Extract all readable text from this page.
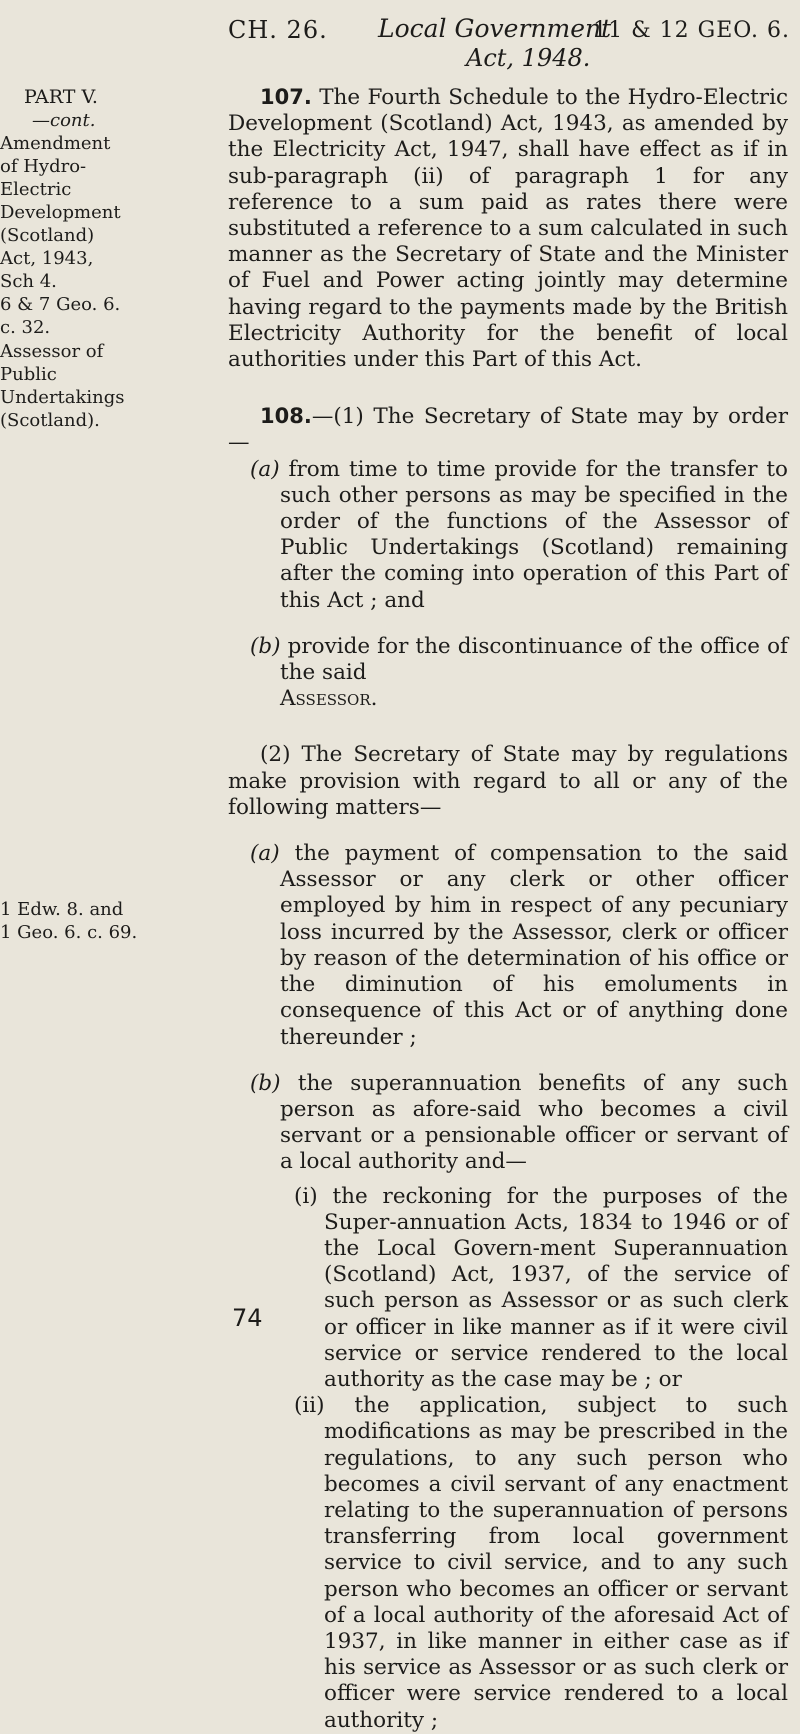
CH. 26. Local Government
11 & 12 GEO. 6.
Act, 1948.
PART V.
—cont.
Amendment
of Hydro-
Electric
Development
(Scotland)
Act, 1943,
Sch 4.
6 & 7 Geo. 6.
c. 32.
Assessor of
Public
Undertakings
(Scotland).
1 Edw. 8. and
1 Geo. 6. c. 69.

107. The Fourth Schedule to the Hydro-Electric Development (Scotland) Act, 1943, as amended by the Electricity Act, 1947, shall have effect as if in sub-paragraph (ii) of paragraph 1 for any reference to a sum paid as rates there were substituted a reference to a sum calculated in such manner as the Secretary of State and the Minister of Fuel and Power acting jointly may determine having regard to the payments made by the British Electricity Authority for the benefit of local authorities under this Part of this Act.

108.—(1) The Secretary of State may by order—

(a) from time to time provide for the transfer to such other persons as may be specified in the order of the functions of the Assessor of Public Undertakings (Scotland) remaining after the coming into operation of this Part of this Act ; and

(b) provide for the discontinuance of the office of the said
Assessor.

(2) The Secretary of State may by regulations make provision with regard to all or any of the following matters—

(a) the payment of compensation to the said Assessor or any clerk or other officer employed by him in respect of any pecuniary loss incurred by the Assessor, clerk or officer by reason of the determination of his office or the diminution of his emoluments in consequence of this Act or of anything done thereunder ;

(b) the superannuation benefits of any such person as afore-said who becomes a civil servant or a pensionable officer or servant of a local authority and—

(i) the reckoning for the purposes of the Super-annuation Acts, 1834 to 1946 or of the Local Govern-ment Superannuation (Scotland) Act, 1937, of the service of such person as Assessor or as such clerk or officer in like manner as if it were civil service or service rendered to the local authority as the case may be ; or

(ii) the application, subject to such modifications as may be prescribed in the regulations, to any such person who becomes a civil servant of any enactment relating to the superannuation of persons transferring from local government service to civil service, and to any such person who becomes an officer or servant of a local authority of the aforesaid Act of 1937, in like manner in either case as if his service as Assessor or as such clerk or officer were service rendered to a local authority ;

74
